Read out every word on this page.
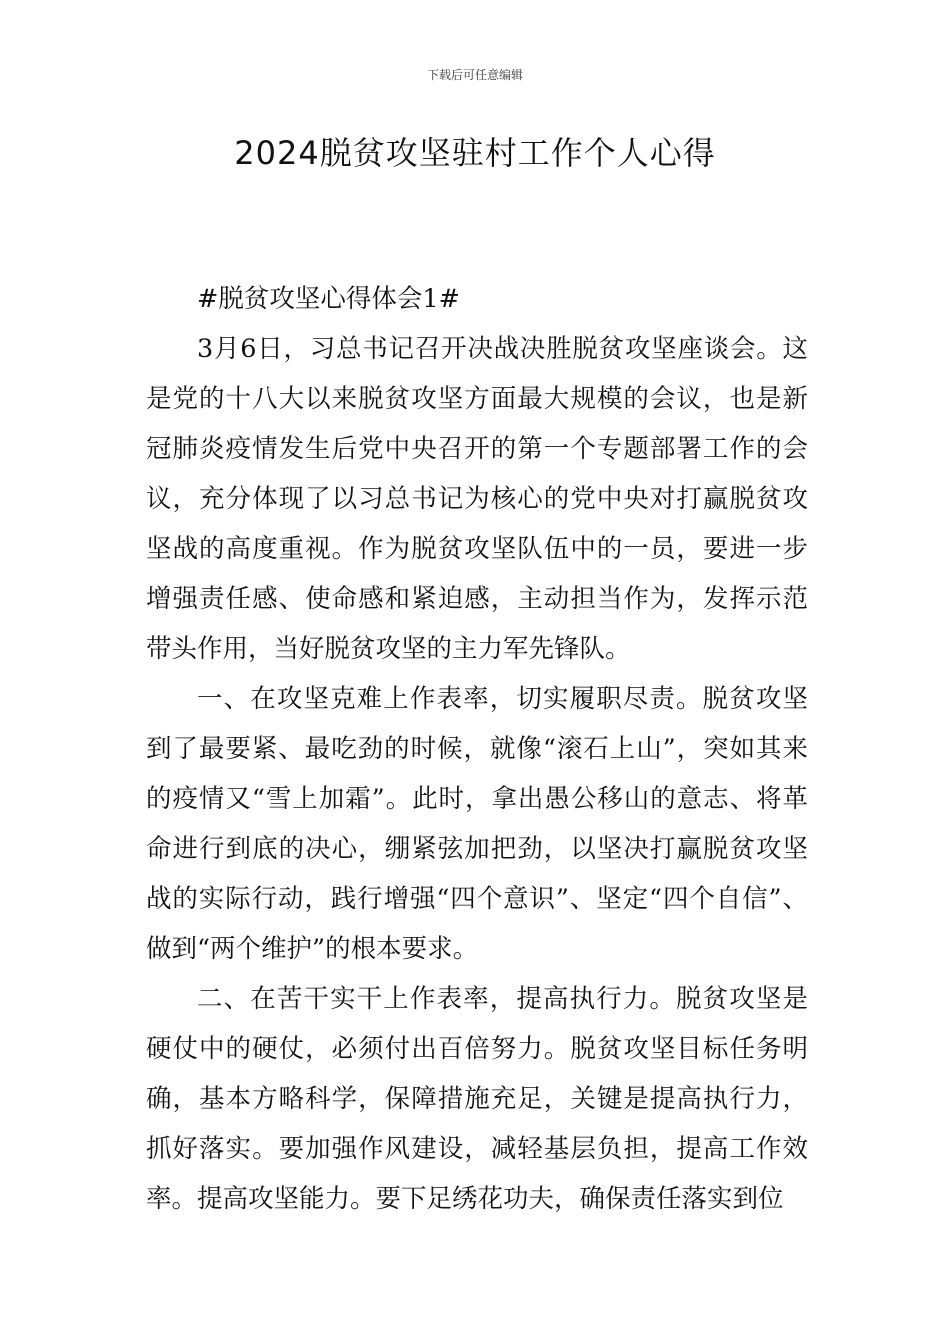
下载后可任意编辑
2024脱贫攻坚驻村工作个人心得

#脱贫攻坚心得体会1#

3月6日，习总书记召开决战决胜脱贫攻坚座谈会。这是党的十八大以来脱贫攻坚方面最大规模的会议，也是新冠肺炎疫情发生后党中央召开的第一个专题部署工作的会议，充分体现了以习总书记为核心的党中央对打赢脱贫攻坚战的高度重视。作为脱贫攻坚队伍中的一员，要进一步增强责任感、使命感和紧迫感，主动担当作为，发挥示范带头作用，当好脱贫攻坚的主力军先锋队。

一、在攻坚克难上作表率，切实履职尽责。脱贫攻坚到了最要紧、最吃劲的时候，就像“滚石上山”，突如其来的疫情又“雪上加霜”。此时，拿出愚公移山的意志、将革命进行到底的决心，绷紧弦加把劲，以坚决打赢脱贫攻坚战的实际行动，践行增强“四个意识”、坚定“四个自信”、做到“两个维护”的根本要求。

二、在苦干实干上作表率，提高执行力。脱贫攻坚是硬仗中的硬仗，必须付出百倍努力。脱贫攻坚目标任务明确，基本方略科学，保障措施充足，关键是提高执行力，抓好落实。要加强作风建设，减轻基层负担，提高工作效率。提高攻坚能力。要下足绣花功夫，确保责任落实到位
